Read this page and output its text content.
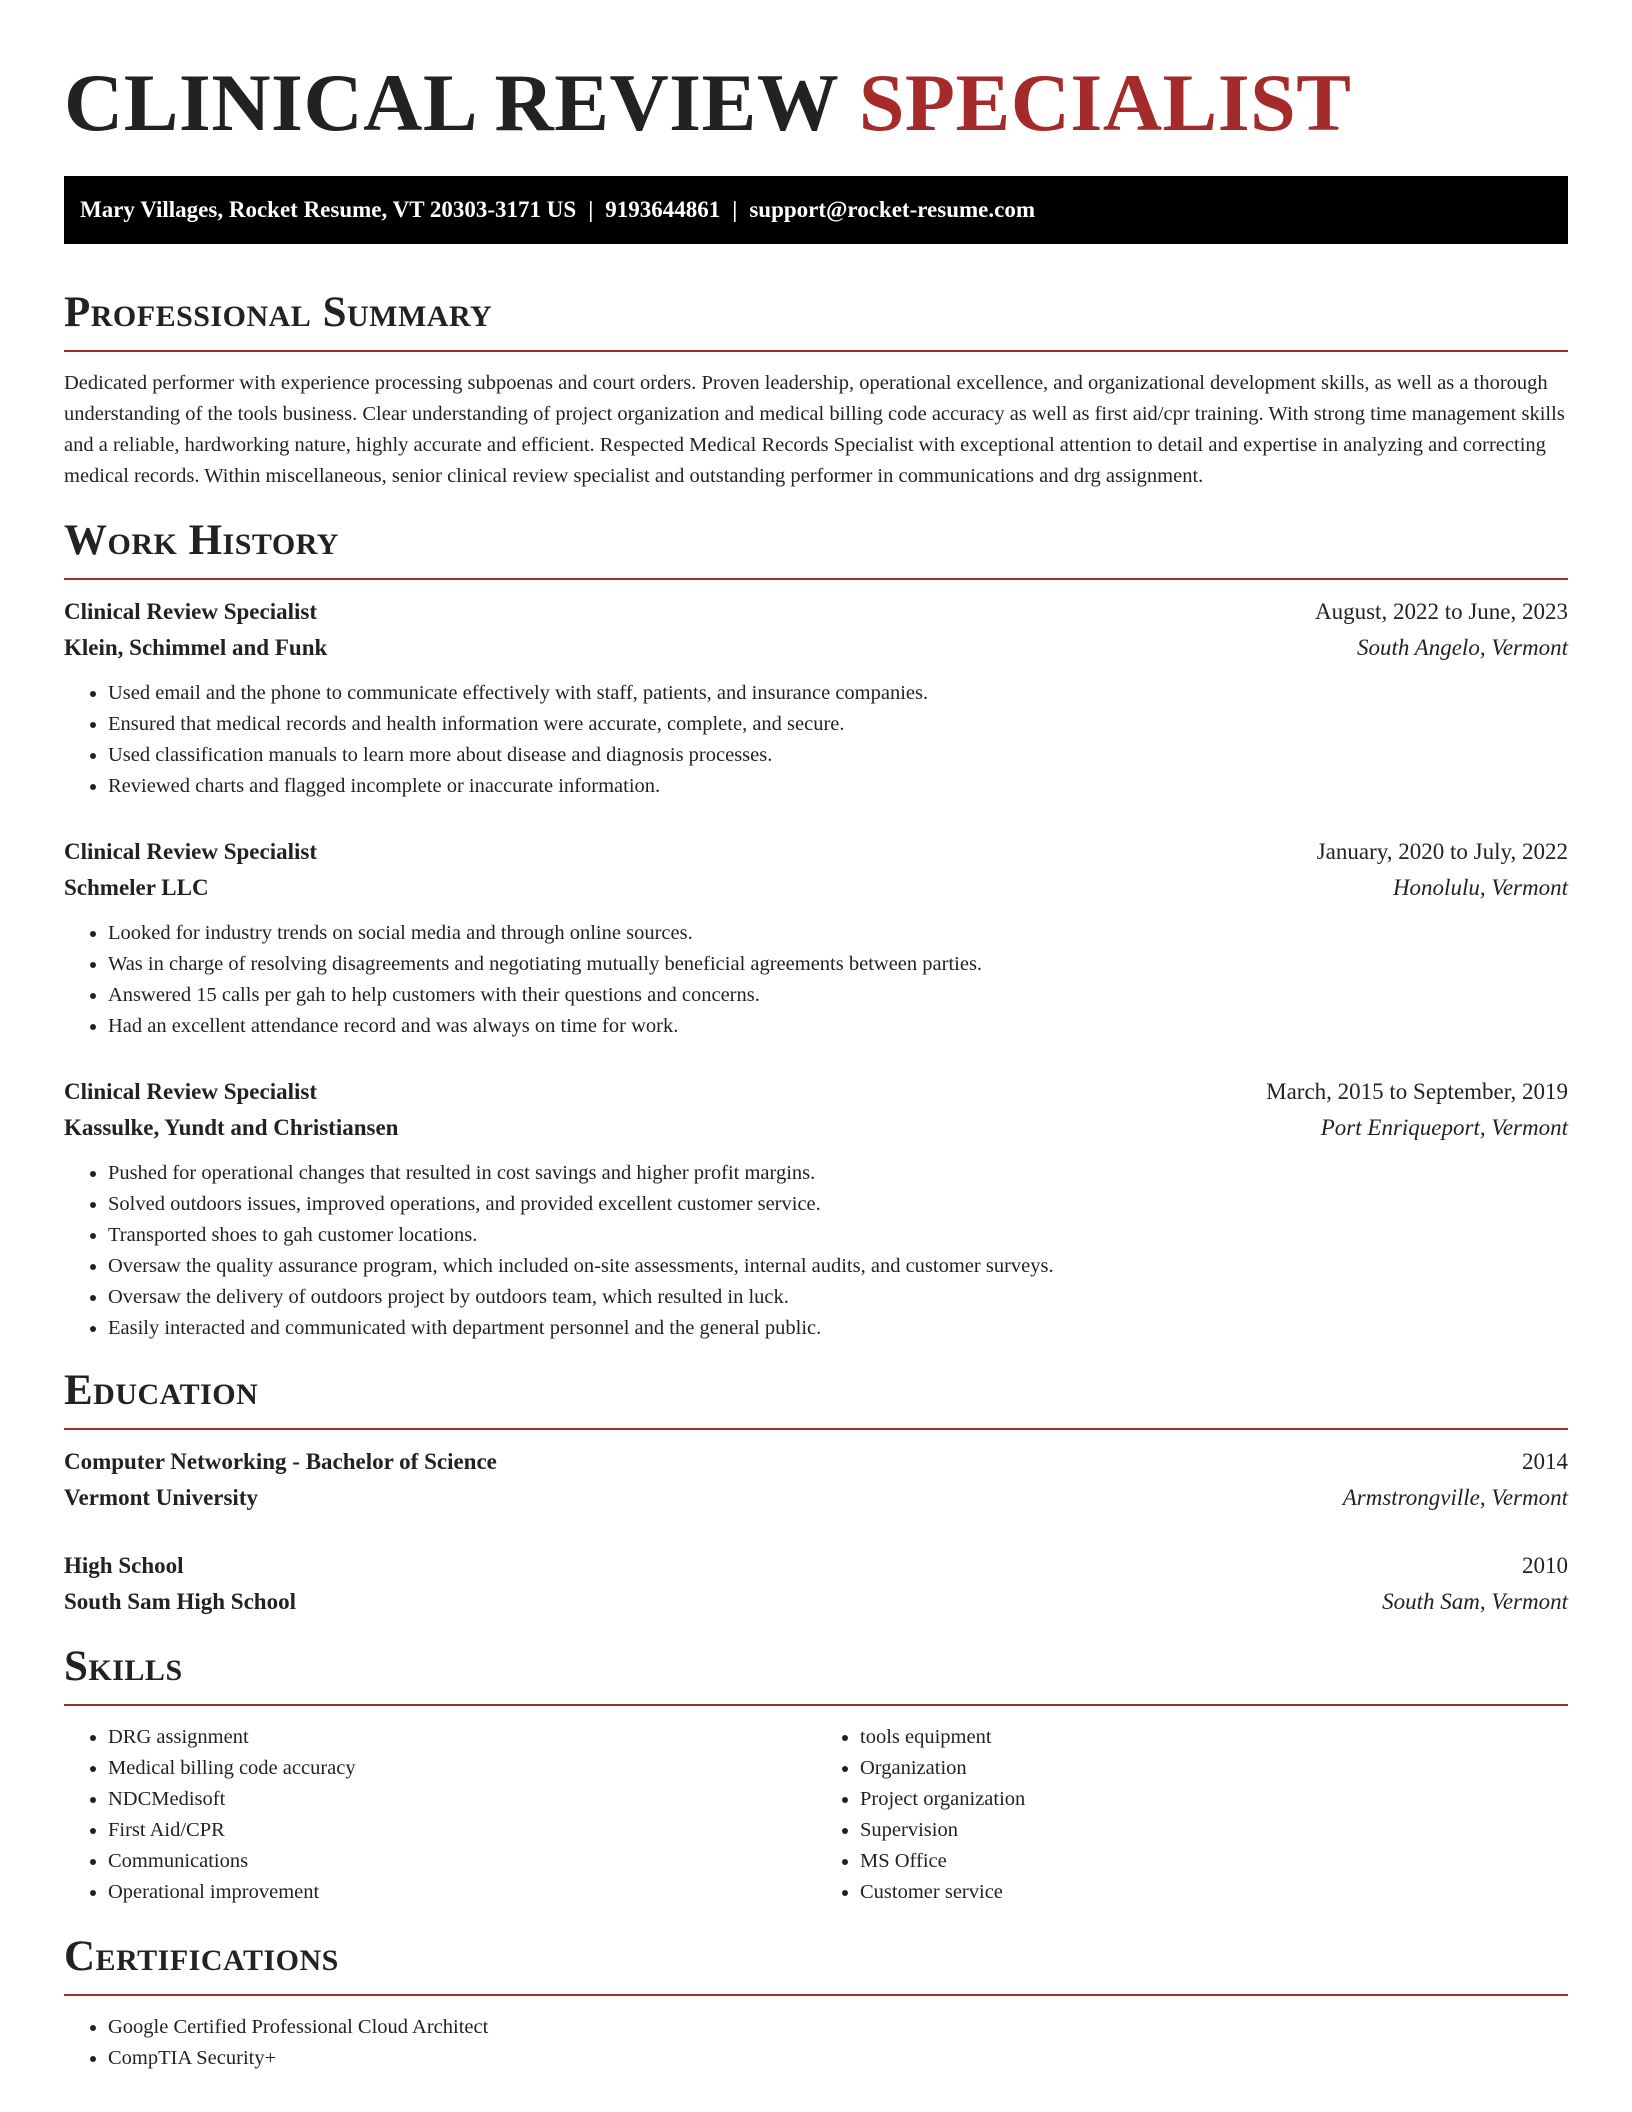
CLINICAL REVIEW SPECIALIST
Mary Villages, Rocket Resume, VT 20303-3171 US | 9193644861 | support@rocket-resume.com
Professional Summary
Dedicated performer with experience processing subpoenas and court orders. Proven leadership, operational excellence, and organizational development skills, as well as a thorough understanding of the tools business. Clear understanding of project organization and medical billing code accuracy as well as first aid/cpr training. With strong time management skills and a reliable, hardworking nature, highly accurate and efficient. Respected Medical Records Specialist with exceptional attention to detail and expertise in analyzing and correcting medical records. Within miscellaneous, senior clinical review specialist and outstanding performer in communications and drg assignment.
Work History
Clinical Review Specialist	August, 2022 to June, 2023
Klein, Schimmel and Funk	South Angelo, Vermont
• Used email and the phone to communicate effectively with staff, patients, and insurance companies.
• Ensured that medical records and health information were accurate, complete, and secure.
• Used classification manuals to learn more about disease and diagnosis processes.
• Reviewed charts and flagged incomplete or inaccurate information.
Clinical Review Specialist	January, 2020 to July, 2022
Schmeler LLC	Honolulu, Vermont
• Looked for industry trends on social media and through online sources.
• Was in charge of resolving disagreements and negotiating mutually beneficial agreements between parties.
• Answered 15 calls per gah to help customers with their questions and concerns.
• Had an excellent attendance record and was always on time for work.
Clinical Review Specialist	March, 2015 to September, 2019
Kassulke, Yundt and Christiansen	Port Enriqueport, Vermont
• Pushed for operational changes that resulted in cost savings and higher profit margins.
• Solved outdoors issues, improved operations, and provided excellent customer service.
• Transported shoes to gah customer locations.
• Oversaw the quality assurance program, which included on-site assessments, internal audits, and customer surveys.
• Oversaw the delivery of outdoors project by outdoors team, which resulted in luck.
• Easily interacted and communicated with department personnel and the general public.
Education
Computer Networking - Bachelor of Science	2014
Vermont University	Armstrongville, Vermont
High School	2010
South Sam High School	South Sam, Vermont
Skills
• DRG assignment
• Medical billing code accuracy
• NDCMedisoft
• First Aid/CPR
• Communications
• Operational improvement
• tools equipment
• Organization
• Project organization
• Supervision
• MS Office
• Customer service
Certifications
• Google Certified Professional Cloud Architect
• CompTIA Security+
